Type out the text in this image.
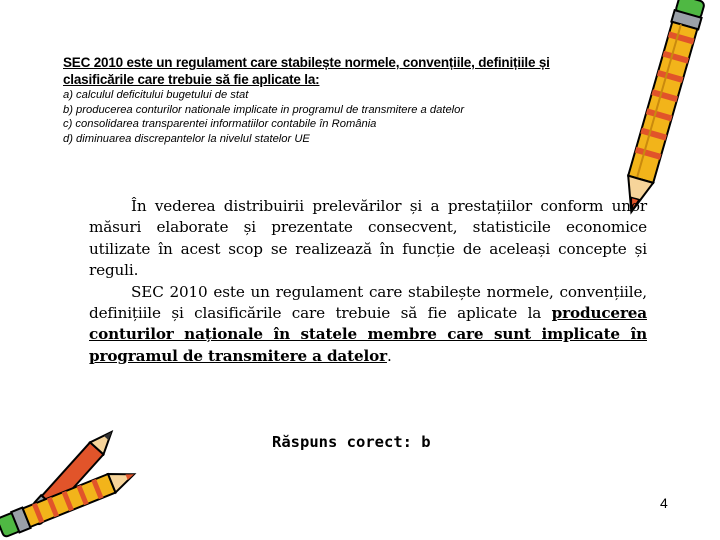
SEC 2010 este un regulament care stabilește normele, convențiile, definițiile și clasificările care trebuie să fie aplicate la:
a) calculul deficitului bugetului de stat
b) producerea conturilor nationale implicate in programul de transmitere a datelor
c) consolidarea transparentei informatiilor contabile în România
d) diminuarea discrepantelor la nivelul statelor UE

În vederea distribuirii prelevărilor și a prestațiilor conform unor măsuri elaborate și prezentate consecvent, statisticile economice utilizate în acest scop se realizează în funcție de aceleași concepte și reguli.

SEC 2010 este un regulament care stabilește normele, convențiile, definițiile și clasificările care trebuie să fie aplicate la producerea conturilor naționale în statele membre care sunt implicate în programul de transmitere a datelor.

Răspuns corect: b
4
